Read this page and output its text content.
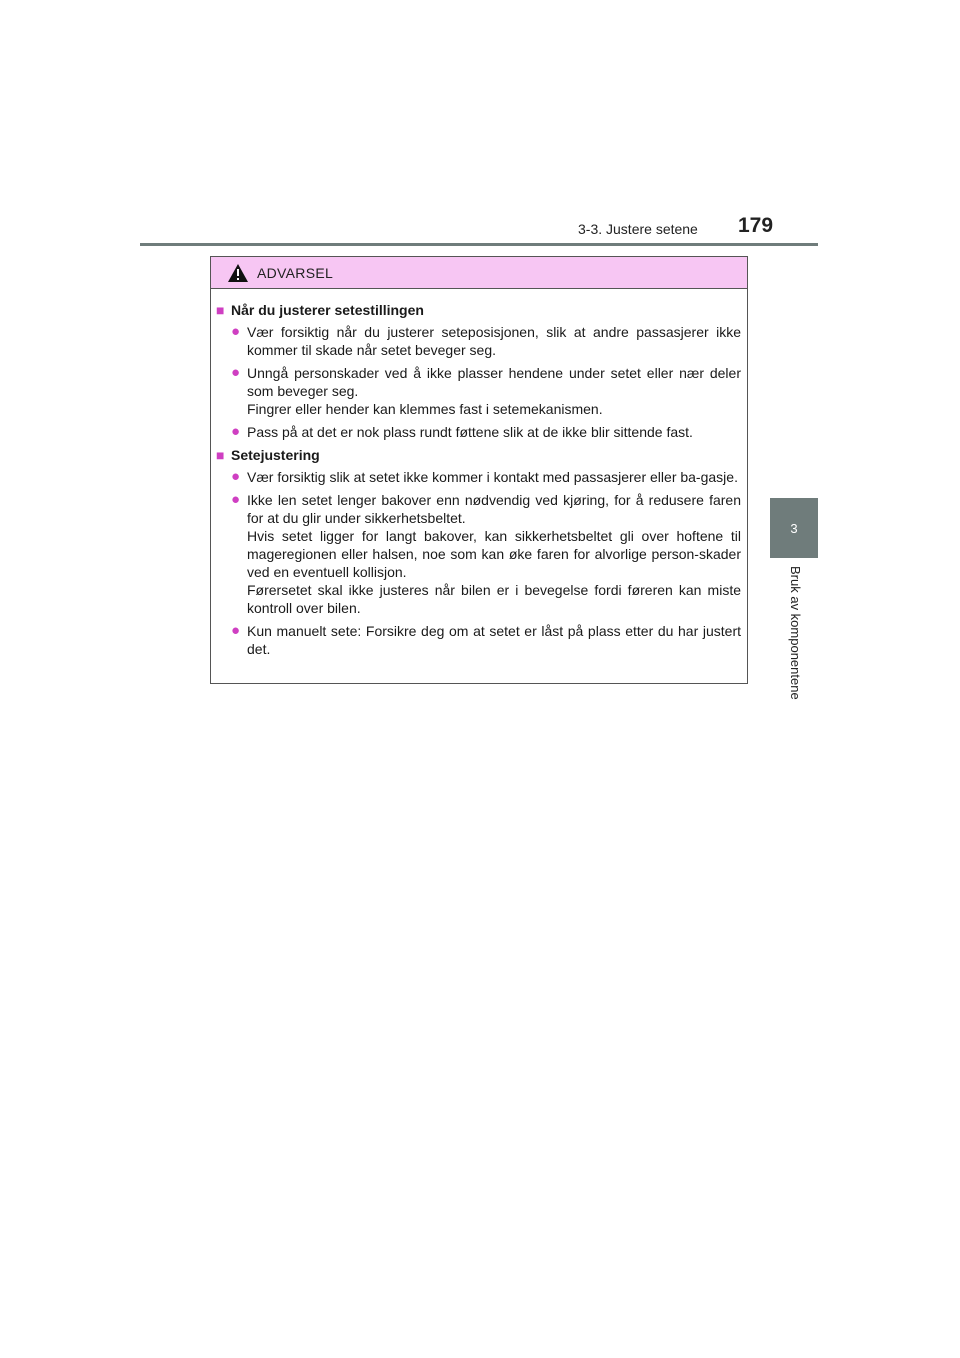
3-3. Justere setene 179
3
Bruk av komponentene
ADVARSEL
■ Når du justerer setestillingen
● Vær forsiktig når du justerer seteposisjonen, slik at andre passasjerer ikke kommer til skade når setet beveger seg.
● Unngå personskader ved å ikke plasser hendene under setet eller nær deler som beveger seg.
Fingrer eller hender kan klemmes fast i setemekanismen.
● Pass på at det er nok plass rundt føttene slik at de ikke blir sittende fast.
■ Setejustering
● Vær forsiktig slik at setet ikke kommer i kontakt med passasjerer eller ba-gasje.
● Ikke len setet lenger bakover enn nødvendig ved kjøring, for å redusere faren for at du glir under sikkerhetsbeltet.
Hvis setet ligger for langt bakover, kan sikkerhetsbeltet gli over hoftene til mageregionen eller halsen, noe som kan øke faren for alvorlige person-skader ved en eventuell kollisjon.
Førersetet skal ikke justeres når bilen er i bevegelse fordi føreren kan miste kontroll over bilen.
● Kun manuelt sete: Forsikre deg om at setet er låst på plass etter du har justert det.
